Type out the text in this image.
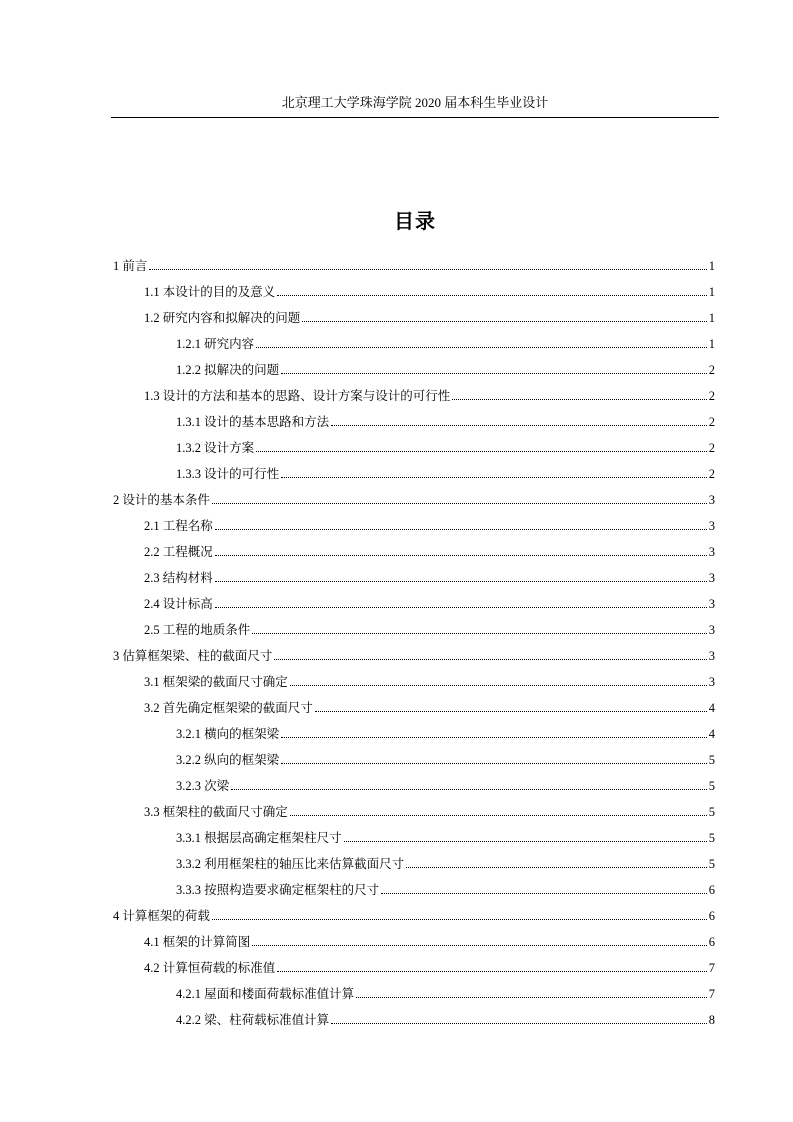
北京理工大学珠海学院 2020 届本科生毕业设计
目录
1 前言	1
1.1 本设计的目的及意义	1
1.2 研究内容和拟解决的问题	1
1.2.1 研究内容	1
1.2.2 拟解决的问题	2
1.3 设计的方法和基本的思路、设计方案与设计的可行性	2
1.3.1 设计的基本思路和方法	2
1.3.2 设计方案	2
1.3.3 设计的可行性	2
2 设计的基本条件	3
2.1 工程名称	3
2.2 工程概况	3
2.3 结构材料	3
2.4 设计标高	3
2.5 工程的地质条件	3
3 估算框架梁、柱的截面尺寸	3
3.1 框架梁的截面尺寸确定	3
3.2 首先确定框架梁的截面尺寸	4
3.2.1 横向的框架梁	4
3.2.2 纵向的框架梁	5
3.2.3 次梁	5
3.3 框架柱的截面尺寸确定	5
3.3.1 根据层高确定框架柱尺寸	5
3.3.2 利用框架柱的轴压比来估算截面尺寸	5
3.3.3 按照构造要求确定框架柱的尺寸	6
4 计算框架的荷载	6
4.1 框架的计算简图	6
4.2 计算恒荷载的标准值	7
4.2.1 屋面和楼面荷载标准值计算	7
4.2.2 梁、柱荷载标准值计算	8
